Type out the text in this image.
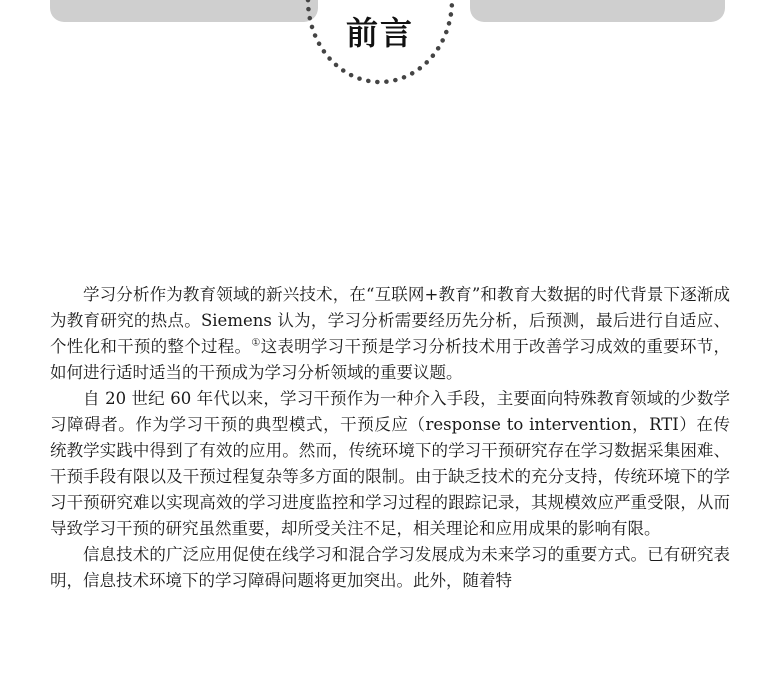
前言

学习分析作为教育领域的新兴技术，在“互联网+教育”和教育大数据的时代背景下逐渐成为教育研究的热点。Siemens 认为，学习分析需要经历先分析，后预测，最后进行自适应、个性化和干预的整个过程。①这表明学习干预是学习分析技术用于改善学习成效的重要环节，如何进行适时适当的干预成为学习分析领域的重要议题。

自 20 世纪 60 年代以来，学习干预作为一种介入手段，主要面向特殊教育领域的少数学习障碍者。作为学习干预的典型模式，干预反应（response to intervention，RTI）在传统教学实践中得到了有效的应用。然而，传统环境下的学习干预研究存在学习数据采集困难、干预手段有限以及干预过程复杂等多方面的限制。由于缺乏技术的充分支持，传统环境下的学习干预研究难以实现高效的学习进度监控和学习过程的跟踪记录，其规模效应严重受限，从而导致学习干预的研究虽然重要，却所受关注不足，相关理论和应用成果的影响有限。

信息技术的广泛应用促使在线学习和混合学习发展成为未来学习的重要方式。已有研究表明，信息技术环境下的学习障碍问题将更加突出。此外，随着特
